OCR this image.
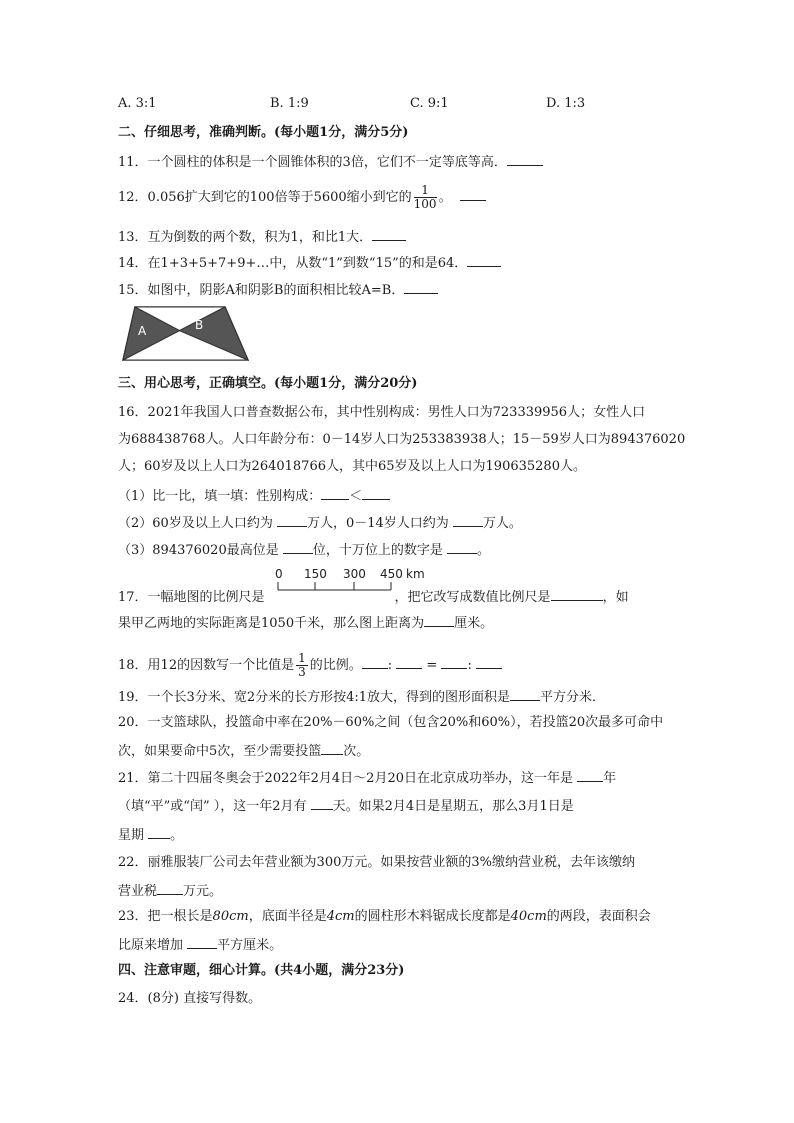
A. 3:1	B. 1:9	C. 9:1	D. 1:3
二、仔细思考，准确判断。(每小题1分，满分5分)
11．一个圆柱的体积是一个圆锥体积的3倍，它们不一定等底等高．
12．0.056扩大到它的100倍等于5600缩小到它的 $\frac{1}{100}$ 。
13．互为倒数的两个数，积为1，和比1大．
14．在1+3+5+7+9+…中，从数“1”到数“15”的和是64．
15．如图中，阴影A和阴影B的面积相比较A=B．
A	B
三、用心思考，正确填空。(每小题1分，满分20分)
16．2021年我国人口普查数据公布，其中性别构成：男性人口为723339956人；女性人口
为688438768人。人口年龄分布：0－14岁人口为253383938人；15－59岁人口为894376020
人；60岁及以上人口为264018766人，其中65岁及以上人口为190635280人。
（1）比一比，填一填：性别构成： ＜
（2）60岁及以上人口约为 万人，0－14岁人口约为 万人。
（3）894376020最高位是 位，十万位上的数字是 。
17．一幅地图的比例尺是	，把它改写成数值比例尺是	，如
0 150 300 450 km
果甲乙两地的实际距离是1050千米，那么图上距离为 厘米。
18．用12的因数写一个比值是 $\frac{1}{3}$ 的比例。 :	= :
19．一个长3分米、宽2分米的长方形按4:1放大，得到的图形面积是 平方分米．
20．一支篮球队，投篮命中率在20%－60%之间（包含20%和60%），若投篮20次最多可命中
次，如果要命中5次，至少需要投篮 次。
21．第二十四届冬奥会于2022年2月4日～2月20日在北京成功举办，这一年是 年
（填“平”或“闰” ），这一年2月有 天。如果2月4日是星期五，那么3月1日是
星期 。
22．丽雅服装厂公司去年营业额为300万元。如果按营业额的3%缴纳营业税，去年该缴纳
营业税 万元。
23．把一根长是80cm，底面半径是4cm的圆柱形木料锯成长度都是40cm的两段，表面积会
比原来增加 平方厘米。
四、注意审题，细心计算。(共4小题，满分23分)
24．(8分) 直接写得数。
